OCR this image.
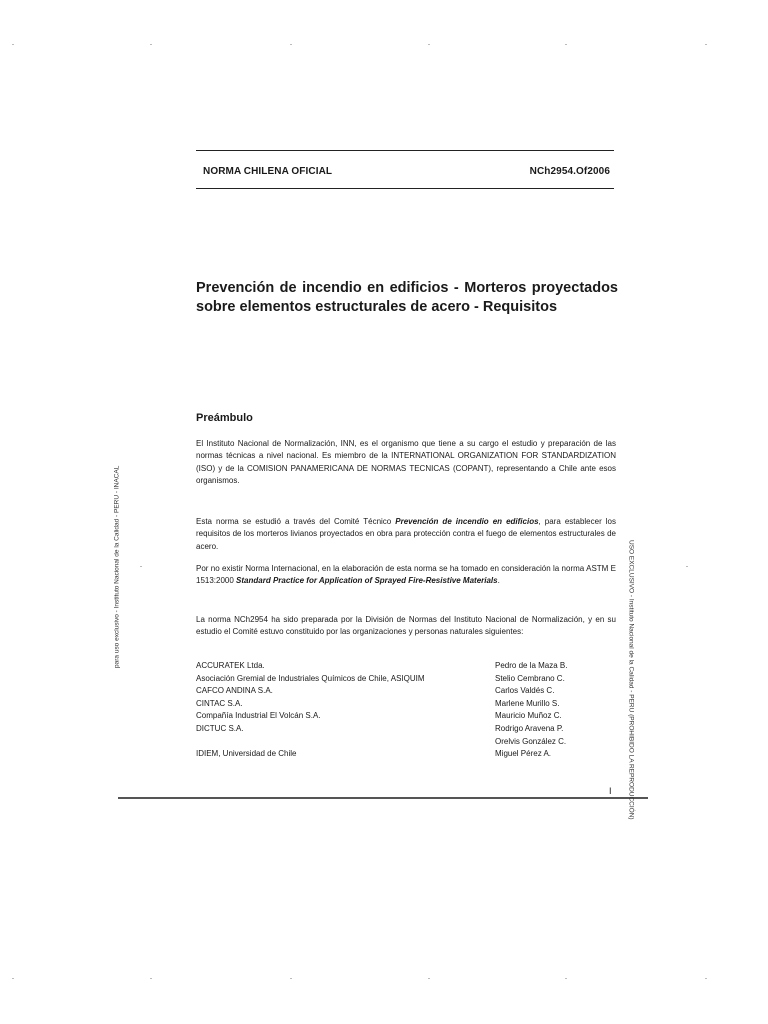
NORMA CHILENA OFICIAL	NCh2954.Of2006
Prevención de incendio en edificios - Morteros proyectados sobre elementos estructurales de acero - Requisitos
Preámbulo

El Instituto Nacional de Normalización, INN, es el organismo que tiene a su cargo el estudio y preparación de las normas técnicas a nivel nacional. Es miembro de la INTERNATIONAL ORGANIZATION FOR STANDARDIZATION (ISO) y de la COMISION PANAMERICANA DE NORMAS TECNICAS (COPANT), representando a Chile ante esos organismos.

Esta norma se estudió a través del Comité Técnico Prevención de incendio en edificios, para establecer los requisitos de los morteros livianos proyectados en obra para protección contra el fuego de elementos estructurales de acero.

Por no existir Norma Internacional, en la elaboración de esta norma se ha tomado en consideración la norma ASTM E 1513:2000 Standard Practice for Application of Sprayed Fire-Resistive Materials.

La norma NCh2954 ha sido preparada por la División de Normas del Instituto Nacional de Normalización, y en su estudio el Comité estuvo constituido por las organizaciones y personas naturales siguientes:

ACCURATEK Ltda.
Asociación Gremial de Industriales Químicos de Chile, ASIQUIM
CAFCO ANDINA S.A.
CINTAC S.A.
Compañía Industrial El Volcán S.A.
DICTUC S.A.
IDIEM, Universidad de Chile
Pedro de la Maza B.
Stelio Cembrano C.
Carlos Valdés C.
Marlene Murillo S.
Mauricio Muñoz C.
Rodrigo Aravena P.
Orelvis González C.
Miguel Pérez A.
I
para uso exclusivo - Instituto Nacional de la Calidad - PERU - INACAL	USO EXCLUSIVO - Instituto Nacional de la Calidad - PERU (PROHIBIDO LA REPRODUCCIÓN)
